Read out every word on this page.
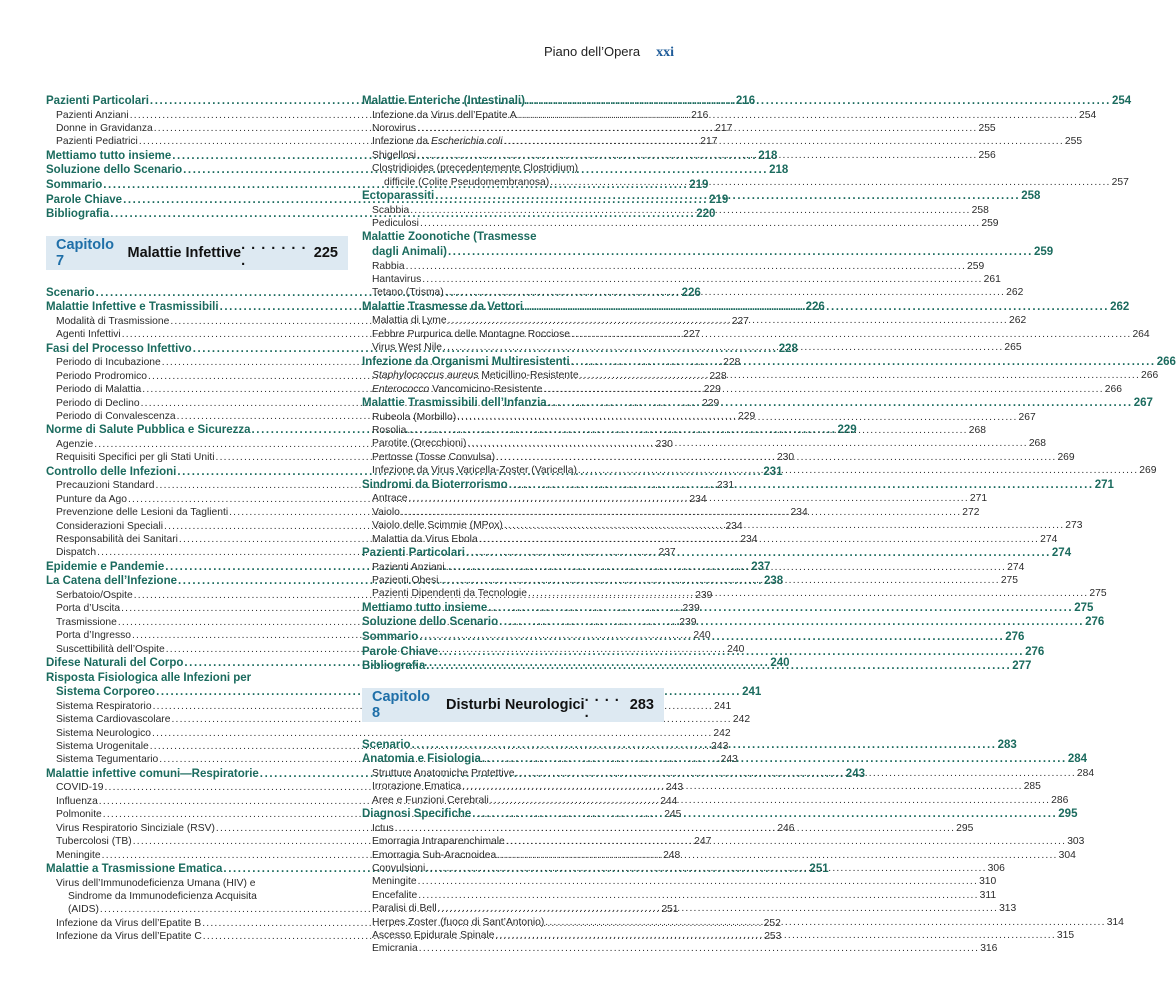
Piano dell’Opera xxi
Pazienti Particolari .....	216
Pazienti Anziani .....	216
Donne in Gravidanza .....	217
Pazienti Pediatrici .....	217
Mettiamo tutto insieme .....	218
Soluzione dello Scenario .....	218
Sommario .....	219
Parole Chiave .....	219
Bibliografia .....	220
Capitolo 7	Malattie Infettive . . . . . . . .	225
Scenario .....	226
Malattie Infettive e Trasmissibili .....	226
Modalità di Trasmissione .....	227
Agenti Infettivi .....	227
Fasi del Processo Infettivo .....	228
Periodo di Incubazione .....	228
Periodo Prodromico .....	228
Periodo di Malattia .....	229
Periodo di Declino .....	229
Periodo di Convalescenza .....	229
Norme di Salute Pubblica e Sicurezza .....	229
Agenzie .....	230
Requisiti Specifici per gli Stati Uniti .....	230
Controllo delle Infezioni .....	231
Precauzioni Standard .....	231
Punture da Ago .....	234
Prevenzione delle Lesioni da Taglienti .....	234
Considerazioni Speciali .....	234
Responsabilità dei Sanitari .....	234
Dispatch .....	237
Epidemie e Pandemie .....	237
La Catena dell’Infezione .....	238
Serbatoio/Ospite .....	239
Porta d’Uscita .....	239
Trasmissione .....	239
Porta d’Ingresso .....	240
Suscettibilità dell’Ospite .....	240
Difese Naturali del Corpo .....	240
Risposta Fisiologica alle Infezioni per
Sistema Corporeo .....	241
Sistema Respiratorio .....	241
Sistema Cardiovascolare .....	242
Sistema Neurologico .....	242
Sistema Urogenitale .....	243
Sistema Tegumentario .....	243
Malattie infettive comuni—Respiratorie .....	243
COVID-19 .....	243
Influenza .....	244
Polmonite .....	245
Virus Respiratorio Sinciziale (RSV) .....	246
Tubercolosi (TB) .....	247
Meningite .....	248
Malattie a Trasmissione Ematica .....	251
Virus dell’Immunodeficienza Umana (HIV) e
Sindrome da Immunodeficienza Acquisita
(AIDS) .....	251
Infezione da Virus dell’Epatite B .....	252
Infezione da Virus dell’Epatite C .....	253
Malattie Enteriche (Intestinali) .....	254
Infezione da Virus dell’Epatite A .....	254
Norovirus .....	255
Infezione da Escherichia coli .....	255
Shigellosi .....	256
Clostridioides (precedentemente Clostridium)
difficile (Colite Pseudomembranosa) .....	257
Ectoparassiti .....	258
Scabbia .....	258
Pediculosi .....	259
Malattie Zoonotiche (Trasmesse
dagli Animali) .....	259
Rabbia .....	259
Hantavirus .....	261
Tetano (Trisma) .....	262
Malattie Trasmesse da Vettori .....	262
Malattia di Lyme .....	262
Febbre Purpurica delle Montagne Rocciose .....	264
Virus West Nile .....	265
Infezione da Organismi Multiresistenti .....	266
Staphylococcus aureus Meticillino-Resistente .....	266
Enterococco Vancomicino-Resistente .....	266
Malattie Trasmissibili dell’Infanzia .....	267
Rubeola (Morbillo) .....	267
Rosolia .....	268
Parotite (Orecchioni) .....	268
Pertosse (Tosse Convulsa) .....	269
Infezione da Virus Varicella-Zoster (Varicella) .....	269
Sindromi da Bioterrorismo .....	271
Antrace .....	271
Vaiolo .....	272
Vaiolo delle Scimmie (MPox) .....	273
Malattia da Virus Ebola .....	274
Pazienti Particolari .....	274
Pazienti Anziani .....	274
Pazienti Obesi .....	275
Pazienti Dipendenti da Tecnologie .....	275
Mettiamo tutto insieme .....	275
Soluzione dello Scenario .....	276
Sommario .....	276
Parole Chiave .....	276
Bibliografia .....	277
Capitolo 8	Disturbi Neurologici . . . . .	283
Scenario .....	283
Anatomia e Fisiologia .....	284
Strutture Anatomiche Protettive .....	284
Irrorazione Ematica .....	285
Aree e Funzioni Cerebrali .....	286
Diagnosi Specifiche .....	295
Ictus .....	295
Emorragia Intraparenchimale .....	303
Emorragia Sub-Aracnoidea .....	304
Convulsioni .....	306
Meningite .....	310
Encefalite .....	311
Paralisi di Bell .....	313
Herpes Zoster (fuoco di Sant’Antonio) .....	314
Ascesso Epidurale Spinale .....	315
Emicrania .....	316
